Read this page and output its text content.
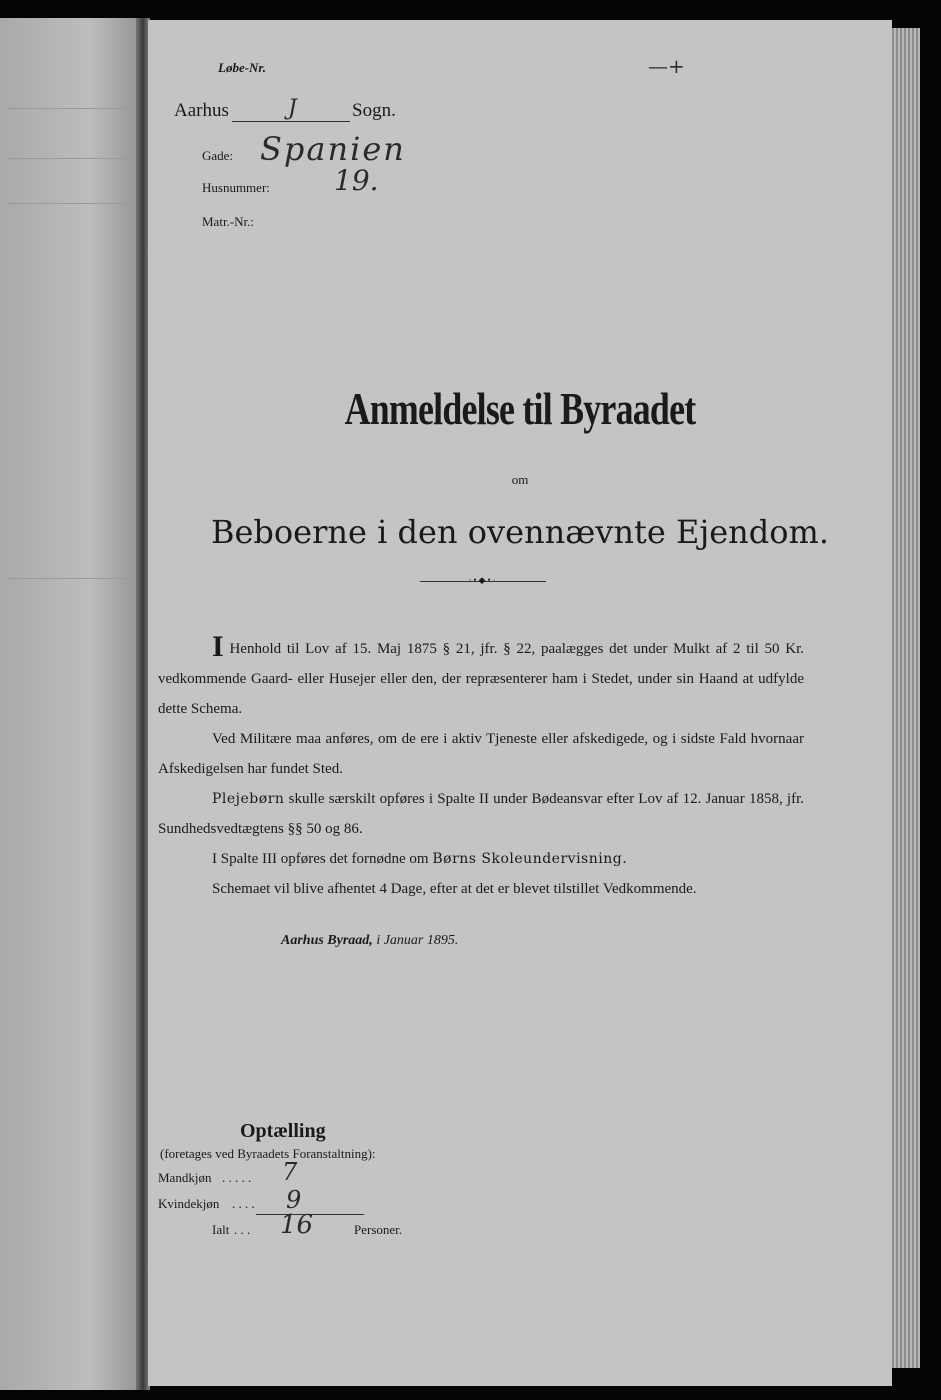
Løbe-Nr.	—+
Aarhus	J	Sogn.
Gade: Spanien
Husnummer: 19.
Matr.-Nr.:
Anmeldelse til Byraadet
om
Beboerne i den ovennævnte Ejendom.
·•◆•·

I Henhold til Lov af 15. Maj 1875 § 21, jfr. § 22, paalægges det under Mulkt af 2 til 50 Kr. vedkommende Gaard- eller Husejer eller den, der repræsenterer ham i Stedet, under sin Haand at udfylde dette Schema.

Ved Militære maa anføres, om de ere i aktiv Tjeneste eller afskedigede, og i sidste Fald hvornaar Afskedigelsen har fundet Sted.

Plejebørn skulle særskilt opføres i Spalte II under Bødeansvar efter Lov af 12. Januar 1858, jfr. Sundhedsvedtægtens §§ 50 og 86.

I Spalte III opføres det fornødne om Børns Skoleundervisning.

Schemaet vil blive afhentet 4 Dage, efter at det er blevet tilstillet Vedkommende.

Aarhus Byraad, i Januar 1895.
Optælling
(foretages ved Byraadets Foranstaltning):
Mandkjøn . . . . . 7
Kvindekjøn . . . . 9
Ialt . . . 16	Personer.
